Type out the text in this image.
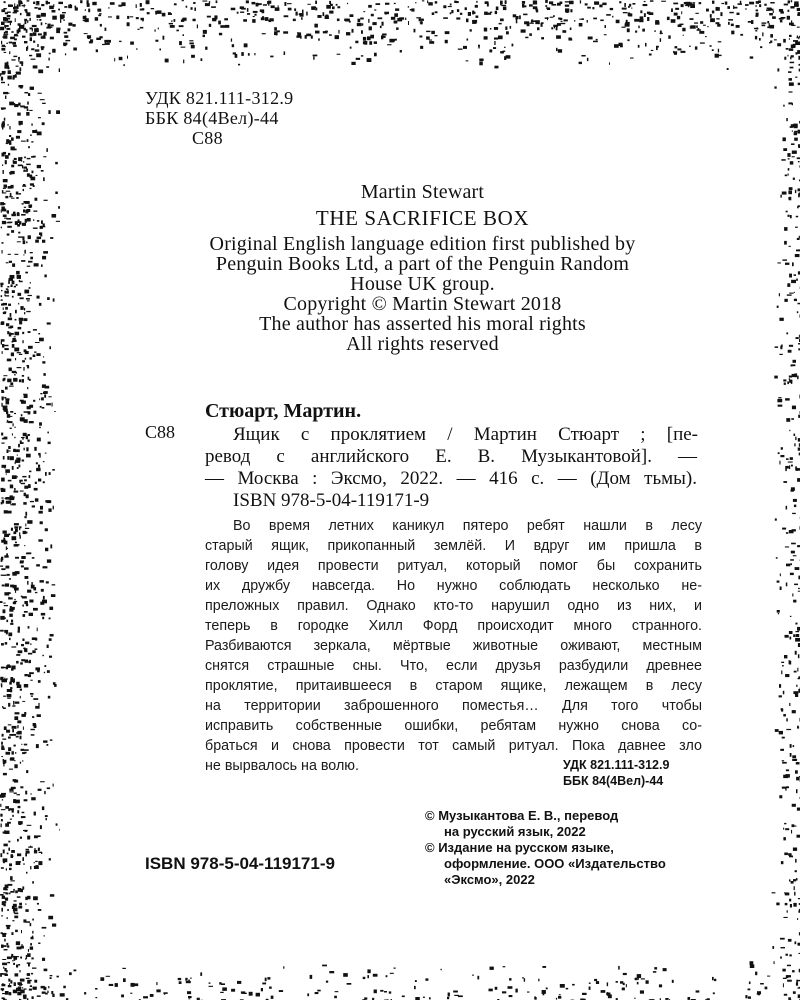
УДК 821.111-312.9
ББК 84(4Вел)-44
С88
Martin Stewart
THE SACRIFICE BOX
Original English language edition first published by
Penguin Books Ltd, a part of the Penguin Random
House UK group.
Copyright © Martin Stewart 2018
The author has asserted his moral rights
All rights reserved
Стюарт, Мартин.
С88	Ящик с проклятием / Мартин Стюарт ; [пе-
ревод с английского Е. В. Музыкантовой]. —
— Москва : Эксмо, 2022. — 416 с. — (Дом тьмы).
ISBN 978-5-04-119171-9
Во время летних каникул пятеро ребят нашли в лесу
старый ящик, прикопанный землёй. И вдруг им пришла в
голову идея провести ритуал, который помог бы сохранить
их дружбу навсегда. Но нужно соблюдать несколько не-
преложных правил. Однако кто-то нарушил одно из них, и
теперь в городке Хилл Форд происходит много странного.
Разбиваются зеркала, мёртвые животные оживают, местным
снятся страшные сны. Что, если друзья разбудили древнее
проклятие, притаившееся в старом ящике, лежащем в лесу
на территории заброшенного поместья… Для того чтобы
исправить собственные ошибки, ребятам нужно снова со-
браться и снова провести тот самый ритуал. Пока давнее зло
не вырвалось на волю.	УДК 821.111-312.9
ББК 84(4Вел)-44
© Музыкантова Е. В., перевод
на русский язык, 2022
© Издание на русском языке,
оформление. ООО «Издательство
«Эксмо», 2022
ISBN 978-5-04-119171-9
